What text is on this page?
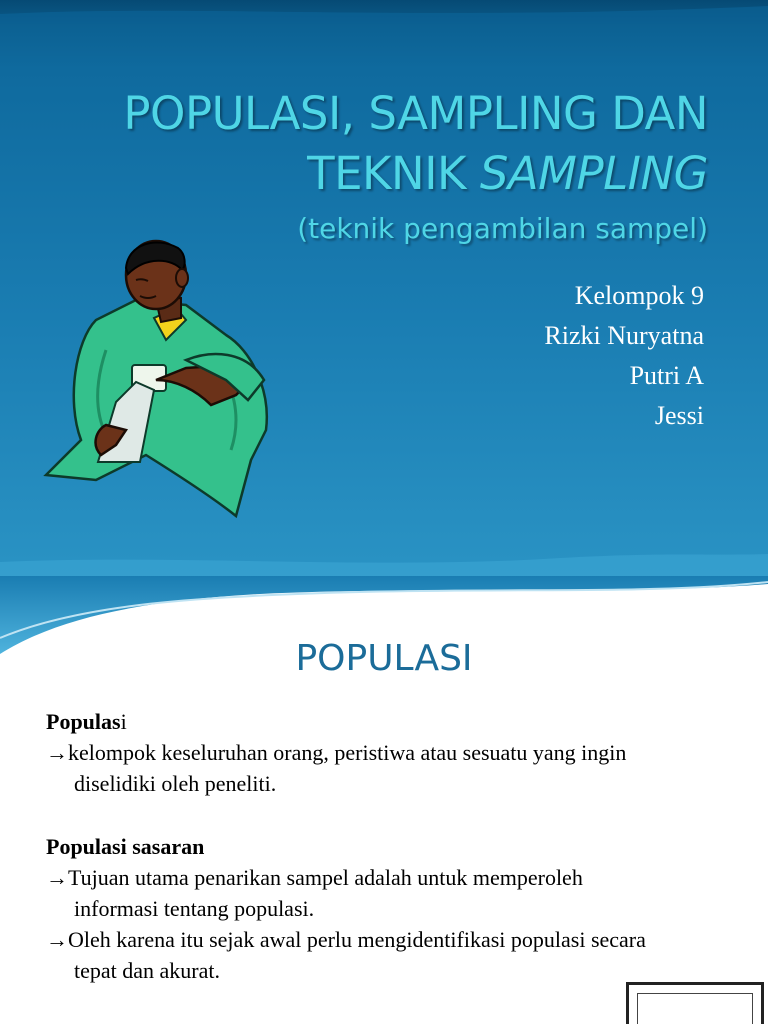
POPULASI, SAMPLING DAN
TEKNIK SAMPLING
(teknik pengambilan sampel)
Kelompok 9
Rizki Nuryatna
Putri A
Jessi
POPULASI
Populasi
→kelompok keseluruhan orang, peristiwa atau sesuatu yang ingin diselidiki oleh peneliti.
Populasi sasaran
→Tujuan utama penarikan sampel adalah untuk memperoleh informasi tentang populasi.
→Oleh karena itu sejak awal perlu mengidentifikasi populasi secara tepat dan akurat.
